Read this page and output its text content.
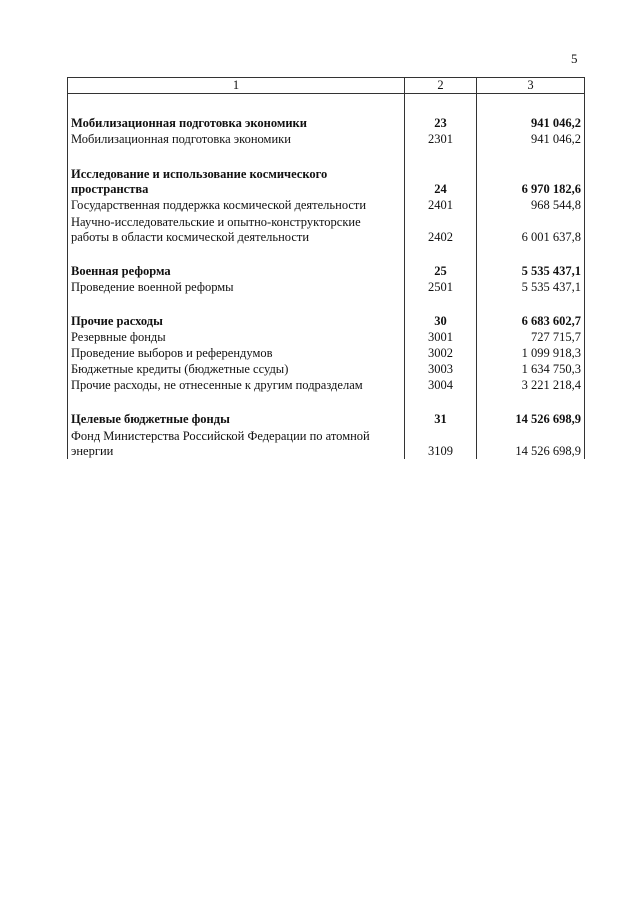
5
1	2	3

Мобилизационная подготовка экономики	23	941 046,2
Мобилизационная подготовка экономики	2301	941 046,2

Исследование и использование космического пространства	24	6 970 182,6
Государственная поддержка космической деятельности	2401	968 544,8
Научно-исследовательские и опытно-конструкторские работы в области космической деятельности	2402	6 001 637,8

Военная реформа	25	5 535 437,1
Проведение военной реформы	2501	5 535 437,1

Прочие расходы	30	6 683 602,7
Резервные фонды	3001	727 715,7
Проведение выборов и референдумов	3002	1 099 918,3
Бюджетные кредиты (бюджетные ссуды)	3003	1 634 750,3
Прочие расходы, не отнесенные к другим подразделам	3004	3 221 218,4

Целевые бюджетные фонды	31	14 526 698,9
Фонд Министерства Российской Федерации по атомной энергии	3109	14 526 698,9
